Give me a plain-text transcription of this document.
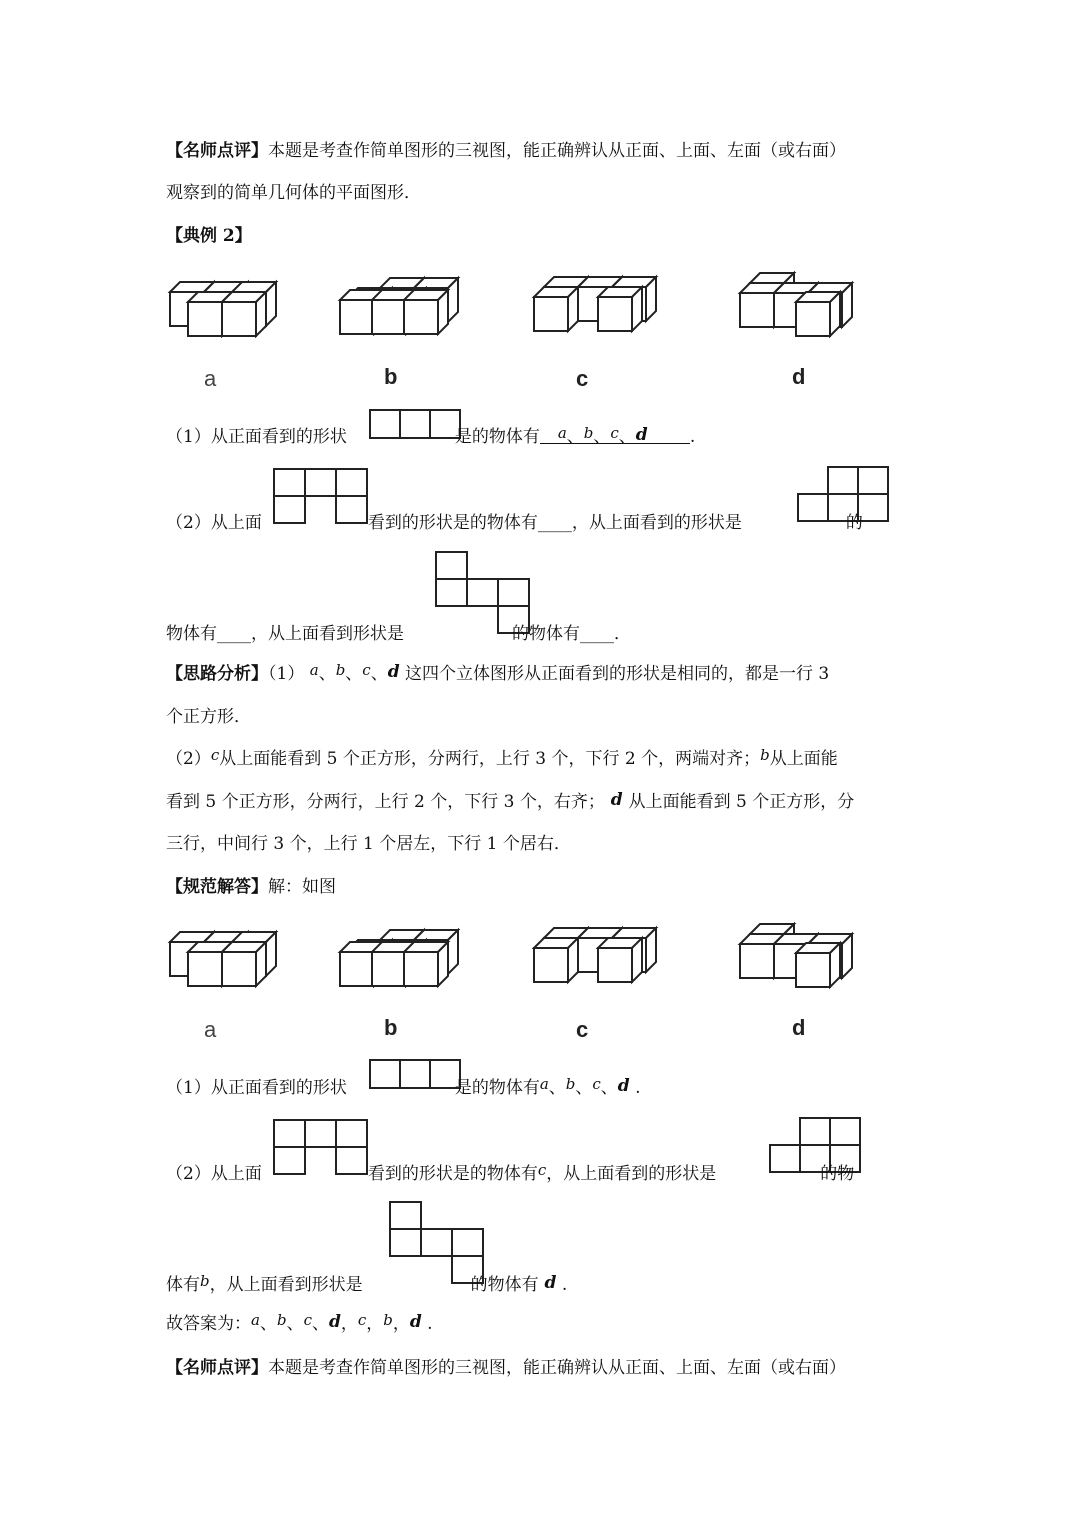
【名师点评】本题是考查作简单图形的三视图，能正确辨认从正面、上面、左面（或右面）
观察到的简单几何体的平面图形．
【典例 2】
a	b	c	d
（1）从正面看到的形状	是的物体有 a、b、c、d .
（2）从上面	看到的形状是的物体有____，从上面看到的形状是	的
物体有____，从上面看到形状是	的物体有____．
【思路分析】（1） a、b、c、d 这四个立体图形从正面看到的形状是相同的，都是一行 3
个正方形．
（2）c从上面能看到 5 个正方形，分两行，上行 3 个，下行 2 个，两端对齐；b从上面能
看到 5 个正方形，分两行，上行 2 个，下行 3 个，右齐； d 从上面能看到 5 个正方形，分
三行，中间行 3 个，上行 1 个居左，下行 1 个居右．
【规范解答】解：如图
a	b	c	d
（1）从正面看到的形状	是的物体有a、b、c、d .
（2）从上面	看到的形状是的物体有c，从上面看到的形状是	的物
体有b，从上面看到形状是	的物体有 d .
故答案为：a、b、c、d，c，b，d .
【名师点评】本题是考查作简单图形的三视图，能正确辨认从正面、上面、左面（或右面）
